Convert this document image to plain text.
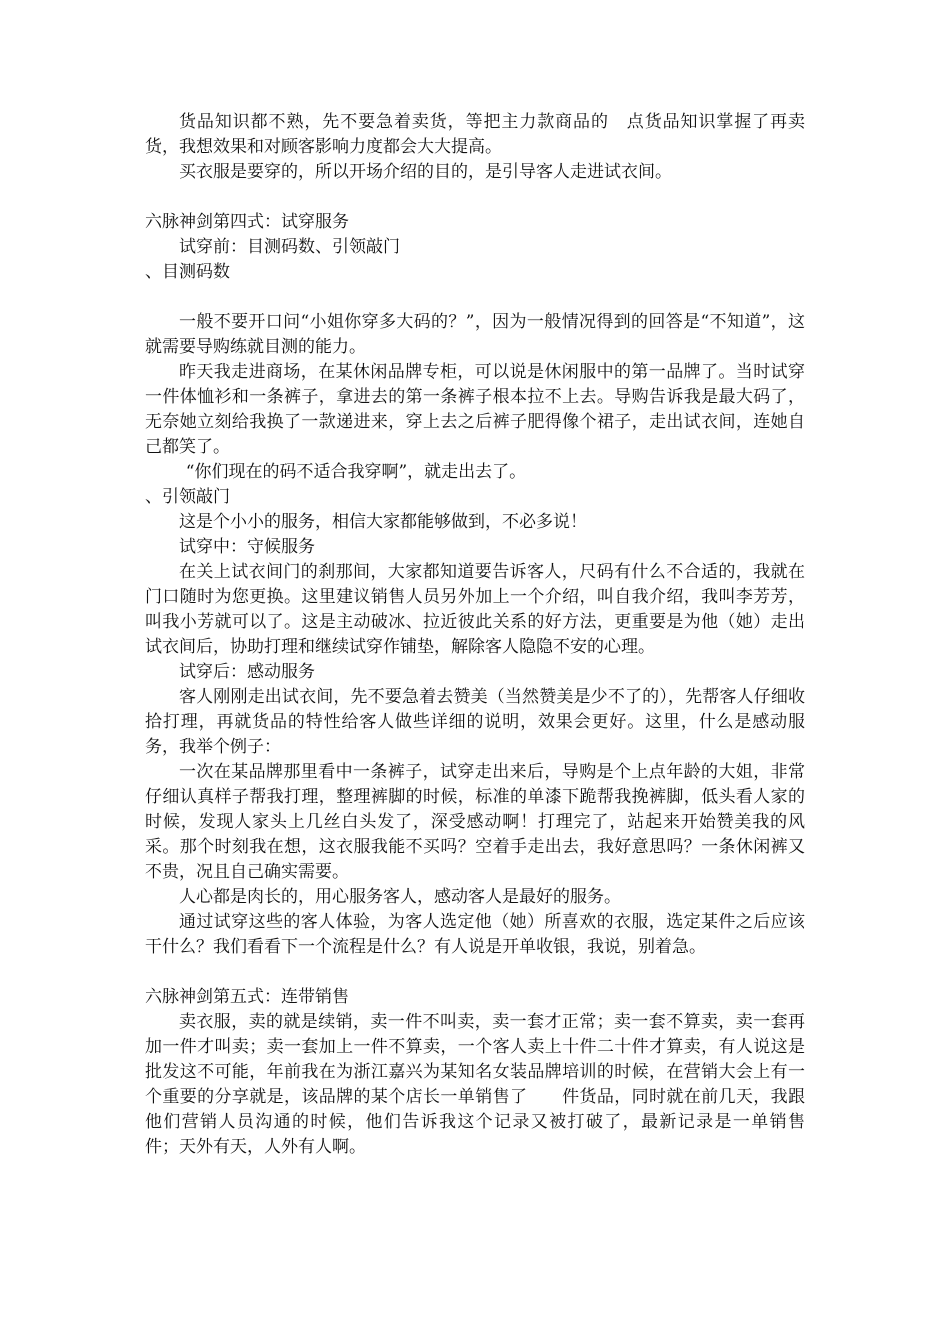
货品知识都不熟，先不要急着卖货，等把主力款商品的　点货品知识掌握了再卖货，我想效果和对顾客影响力度都会大大提高。

买衣服是要穿的，所以开场介绍的目的，是引导客人走进试衣间。

六脉神剑第四式：试穿服务

试穿前：目测码数、引领敲门

、目测码数

一般不要开口问“小姐你穿多大码的？”，因为一般情况得到的回答是“不知道”，这就需要导购练就目测的能力。

昨天我走进商场，在某休闲品牌专柜，可以说是休闲服中的第一品牌了。当时试穿一件体恤衫和一条裤子，拿进去的第一条裤子根本拉不上去。导购告诉我是最大码了，无奈她立刻给我换了一款递进来，穿上去之后裤子肥得像个裙子，走出试衣间，连她自己都笑了。

“你们现在的码不适合我穿啊”，就走出去了。

、引领敲门

这是个小小的服务，相信大家都能够做到，不必多说！

试穿中：守候服务

在关上试衣间门的刹那间，大家都知道要告诉客人，尺码有什么不合适的，我就在门口随时为您更换。这里建议销售人员另外加上一个介绍，叫自我介绍，我叫李芳芳，叫我小芳就可以了。这是主动破冰、拉近彼此关系的好方法，更重要是为他（她）走出试衣间后，协助打理和继续试穿作铺垫，解除客人隐隐不安的心理。

试穿后：感动服务

客人刚刚走出试衣间，先不要急着去赞美（当然赞美是少不了的），先帮客人仔细收拾打理，再就货品的特性给客人做些详细的说明，效果会更好。这里，什么是感动服务，我举个例子：

一次在某品牌那里看中一条裤子，试穿走出来后，导购是个上点年龄的大姐，非常仔细认真样子帮我打理，整理裤脚的时候，标准的单漆下跪帮我挽裤脚，低头看人家的时候，发现人家头上几丝白头发了，深受感动啊！打理完了，站起来开始赞美我的风采。那个时刻我在想，这衣服我能不买吗？空着手走出去，我好意思吗？一条休闲裤又不贵，况且自己确实需要。

人心都是肉长的，用心服务客人，感动客人是最好的服务。

通过试穿这些的客人体验，为客人选定他（她）所喜欢的衣服，选定某件之后应该干什么？我们看看下一个流程是什么？有人说是开单收银，我说，别着急。

六脉神剑第五式：连带销售

卖衣服，卖的就是续销，卖一件不叫卖，卖一套才正常；卖一套不算卖，卖一套再加一件才叫卖；卖一套加上一件不算卖，一个客人卖上十件二十件才算卖，有人说这是批发这不可能，年前我在为浙江嘉兴为某知名女装品牌培训的时候，在营销大会上有一个重要的分享就是，该品牌的某个店长一单销售了　　件货品，同时就在前几天，我跟他们营销人员沟通的时候，他们告诉我这个记录又被打破了，最新记录是一单销售　　件；天外有天，人外有人啊。
